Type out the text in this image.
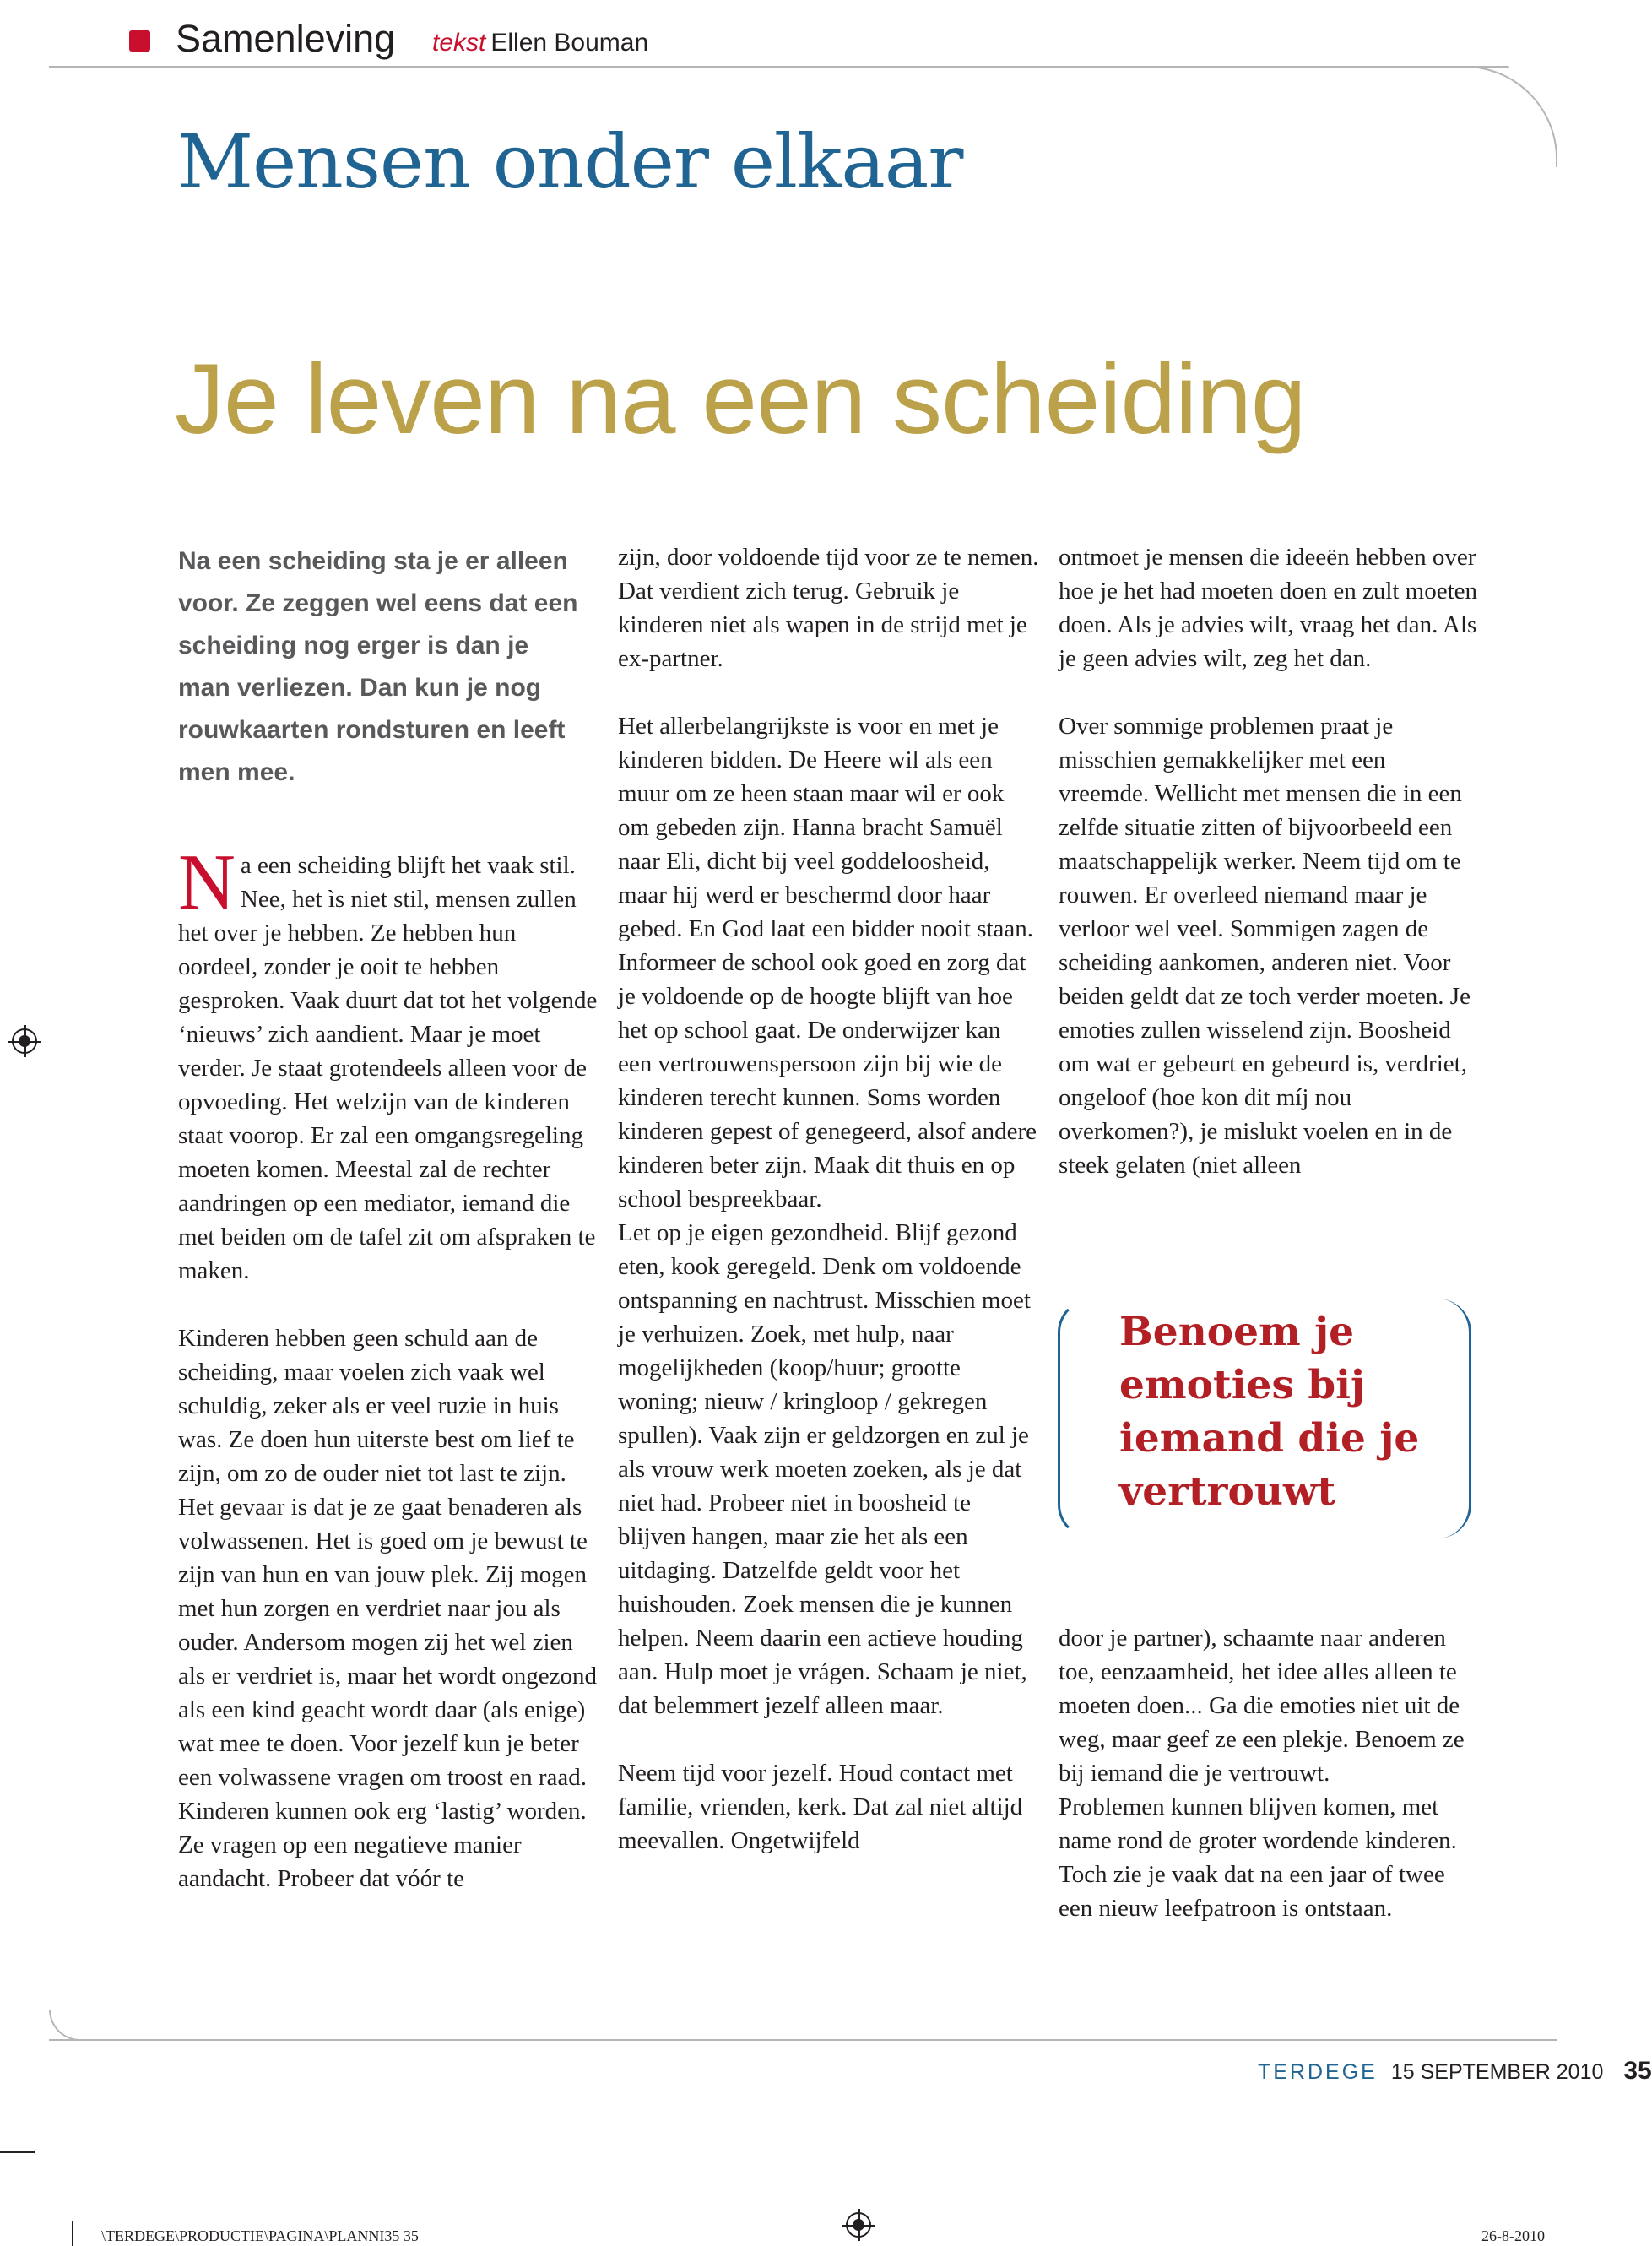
Samenleving tekst Ellen Bouman
Mensen onder elkaar
Je leven na een scheiding
Na een scheiding sta je er alleen voor. Ze zeggen wel eens dat een scheiding nog erger is dan je man verliezen. Dan kun je nog rouwkaarten rondsturen en leeft men mee.

Na een scheiding blijft het vaak stil. Nee, het ìs niet stil, mensen zullen het over je hebben. Ze hebben hun oordeel, zonder je ooit te hebben gesproken. Vaak duurt dat tot het volgende ‘nieuws’ zich aandient. Maar je moet verder. Je staat grotendeels alleen voor de opvoeding. Het welzijn van de kinderen staat voorop. Er zal een omgangsregeling moeten komen. Meestal zal de rechter aandringen op een mediator, iemand die met beiden om de tafel zit om afspraken te maken.

Kinderen hebben geen schuld aan de scheiding, maar voelen zich vaak wel schuldig, zeker als er veel ruzie in huis was. Ze doen hun uiterste best om lief te zijn, om zo de ouder niet tot last te zijn. Het gevaar is dat je ze gaat benaderen als volwassenen. Het is goed om je bewust te zijn van hun en van jouw plek. Zij mogen met hun zorgen en verdriet naar jou als ouder. Andersom mogen zij het wel zien als er verdriet is, maar het wordt ongezond als een kind geacht wordt daar (als enige) wat mee te doen. Voor jezelf kun je beter een volwassene vragen om troost en raad. Kinderen kunnen ook erg ‘lastig’ worden. Ze vragen op een negatieve manier aandacht. Probeer dat vóór te

zijn, door voldoende tijd voor ze te nemen. Dat verdient zich terug. Gebruik je kinderen niet als wapen in de strijd met je ex-partner.

Het allerbelangrijkste is voor en met je kinderen bidden. De Heere wil als een muur om ze heen staan maar wil er ook om gebeden zijn. Hanna bracht Samuël naar Eli, dicht bij veel goddeloosheid, maar hij werd er beschermd door haar gebed. En God laat een bidder nooit staan.

Informeer de school ook goed en zorg dat je voldoende op de hoogte blijft van hoe het op school gaat. De onderwijzer kan een vertrouwenspersoon zijn bij wie de kinderen terecht kunnen. Soms worden kinderen gepest of genegeerd, alsof andere kinderen beter zijn. Maak dit thuis en op school bespreekbaar.

Let op je eigen gezondheid. Blijf gezond eten, kook geregeld. Denk om voldoende ontspanning en nachtrust. Misschien moet je verhuizen. Zoek, met hulp, naar mogelijkheden (koop/huur; grootte woning; nieuw / kringloop / gekregen spullen). Vaak zijn er geldzorgen en zul je als vrouw werk moeten zoeken, als je dat niet had. Probeer niet in boosheid te blijven hangen, maar zie het als een uitdaging. Datzelfde geldt voor het huishouden. Zoek mensen die je kunnen helpen. Neem daarin een actieve houding aan. Hulp moet je vrágen. Schaam je niet, dat belemmert jezelf alleen maar.

Neem tijd voor jezelf. Houd contact met familie, vrienden, kerk. Dat zal niet altijd meevallen. Ongetwijfeld

ontmoet je mensen die ideeën hebben over hoe je het had moeten doen en zult moeten doen. Als je advies wilt, vraag het dan. Als je geen advies wilt, zeg het dan.

Over sommige problemen praat je misschien gemakkelijker met een vreemde. Wellicht met mensen die in een zelfde situatie zitten of bijvoorbeeld een maatschappelijk werker. Neem tijd om te rouwen. Er overleed niemand maar je verloor wel veel. Sommigen zagen de scheiding aankomen, anderen niet. Voor beiden geldt dat ze toch verder moeten. Je emoties zullen wisselend zijn. Boosheid om wat er gebeurt en gebeurd is, verdriet, ongeloof (hoe kon dit míj nou overkomen?), je mislukt voelen en in de steek gelaten (niet alleen

Benoem je emoties bij iemand die je vertrouwt

door je partner), schaamte naar anderen toe, eenzaamheid, het idee alles alleen te moeten doen... Ga die emoties niet uit de weg, maar geef ze een plekje. Benoem ze bij iemand die je vertrouwt.

Problemen kunnen blijven komen, met name rond de groter wordende kinderen. Toch zie je vaak dat na een jaar of twee een nieuw leefpatroon is ontstaan.

TERDEGE 15 SEPTEMBER 2010 35
\TERDEGE\PRODUCTIE\PAGINA\PLANNI35 35	26-8-2010
